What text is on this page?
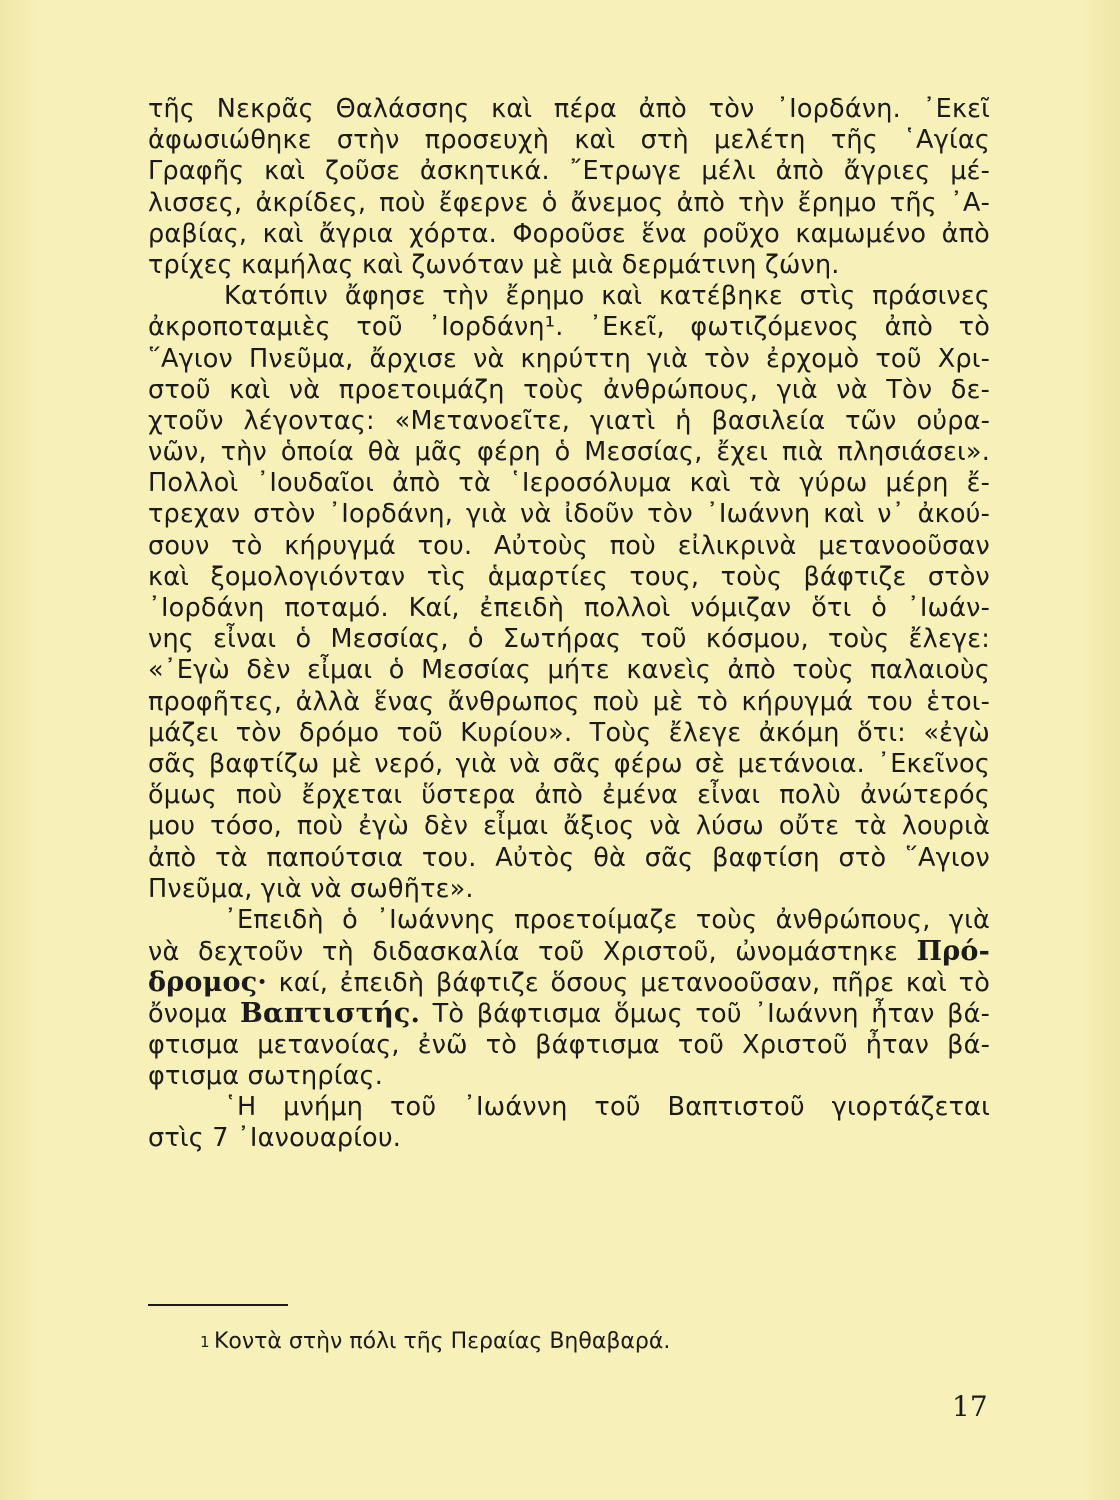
τῆς Νεκρᾶς Θαλάσσης καὶ πέρα ἀπὸ τὸν ᾿Ιορδάνη. ᾿Εκεῖ
ἀφωσιώθηκε στὴν προσευχὴ καὶ στὴ μελέτη τῆς ῾Αγίας
Γραφῆς καὶ ζοῦσε ἀσκητικά. ῎Ετρωγε μέλι ἀπὸ ἄγριες μέ-
λισσες, ἀκρίδες, ποὺ ἔφερνε ὁ ἄνεμος ἀπὸ τὴν ἔρημο τῆς ᾿Α-
ραβίας, καὶ ἄγρια χόρτα. Φοροῦσε ἕνα ροῦχο καμωμένο ἀπὸ
τρίχες καμήλας καὶ ζωνόταν μὲ μιὰ δερμάτινη ζώνη.
Κατόπιν ἄφησε τὴν ἔρημο καὶ κατέβηκε στὶς πράσινες
ἀκροποταμιὲς τοῦ ᾿Ιορδάνη¹. ᾿Εκεῖ, φωτιζόμενος ἀπὸ τὸ
῞Αγιον Πνεῦμα, ἄρχισε νὰ κηρύττη γιὰ τὸν ἐρχομὸ τοῦ Χρι-
στοῦ καὶ νὰ προετοιμάζη τοὺς ἀνθρώπους, γιὰ νὰ Τὸν δε-
χτοῦν λέγοντας: «Μετανοεῖτε, γιατὶ ἡ βασιλεία τῶν οὐρα-
νῶν, τὴν ὁποία θὰ μᾶς φέρη ὁ Μεσσίας, ἔχει πιὰ πλησιάσει».
Πολλοὶ ᾿Ιουδαῖοι ἀπὸ τὰ ῾Ιεροσόλυμα καὶ τὰ γύρω μέρη ἔ-
τρεχαν στὸν ᾿Ιορδάνη, γιὰ νὰ ἰδοῦν τὸν ᾿Ιωάννη καὶ ν᾿ ἀκού-
σουν τὸ κήρυγμά του. Αὐτοὺς ποὺ εἰλικρινὰ μετανοοῦσαν
καὶ ξομολογιόνταν τὶς ἁμαρτίες τους, τοὺς βάφτιζε στὸν
᾿Ιορδάνη ποταμό. Καί, ἐπειδὴ πολλοὶ νόμιζαν ὅτι ὁ ᾿Ιωάν-
νης εἶναι ὁ Μεσσίας, ὁ Σωτήρας τοῦ κόσμου, τοὺς ἔλεγε:
«᾿Εγὼ δὲν εἶμαι ὁ Μεσσίας μήτε κανεὶς ἀπὸ τοὺς παλαιοὺς
προφῆτες, ἀλλὰ ἕνας ἄνθρωπος ποὺ μὲ τὸ κήρυγμά του ἑτοι-
μάζει τὸν δρόμο τοῦ Κυρίου». Τοὺς ἔλεγε ἀκόμη ὅτι: «ἐγὼ
σᾶς βαφτίζω μὲ νερό, γιὰ νὰ σᾶς φέρω σὲ μετάνοια. ᾿Εκεῖνος
ὅμως ποὺ ἔρχεται ὕστερα ἀπὸ ἐμένα εἶναι πολὺ ἀνώτερός
μου τόσο, ποὺ ἐγὼ δὲν εἶμαι ἄξιος νὰ λύσω οὔτε τὰ λουριὰ
ἀπὸ τὰ παπούτσια του. Αὐτὸς θὰ σᾶς βαφτίση στὸ ῞Αγιον
Πνεῦμα, γιὰ νὰ σωθῆτε».
᾿Επειδὴ ὁ ᾿Ιωάννης προετοίμαζε τοὺς ἀνθρώπους, γιὰ
νὰ δεχτοῦν τὴ διδασκαλία τοῦ Χριστοῦ, ὠνομάστηκε Πρό-
δρομος· καί, ἐπειδὴ βάφτιζε ὅσους μετανοοῦσαν, πῆρε καὶ τὸ
ὄνομα Βαπτιστής. Τὸ βάφτισμα ὅμως τοῦ ᾿Ιωάννη ἦταν βά-
φτισμα μετανοίας, ἐνῶ τὸ βάφτισμα τοῦ Χριστοῦ ἦταν βά-
φτισμα σωτηρίας.
῾Η μνήμη τοῦ ᾿Ιωάννη τοῦ Βαπτιστοῦ γιορτάζεται
στὶς 7 ᾿Ιανουαρίου.
1 Κοντὰ στὴν πόλι τῆς Περαίας Βηθαβαρά.
17
